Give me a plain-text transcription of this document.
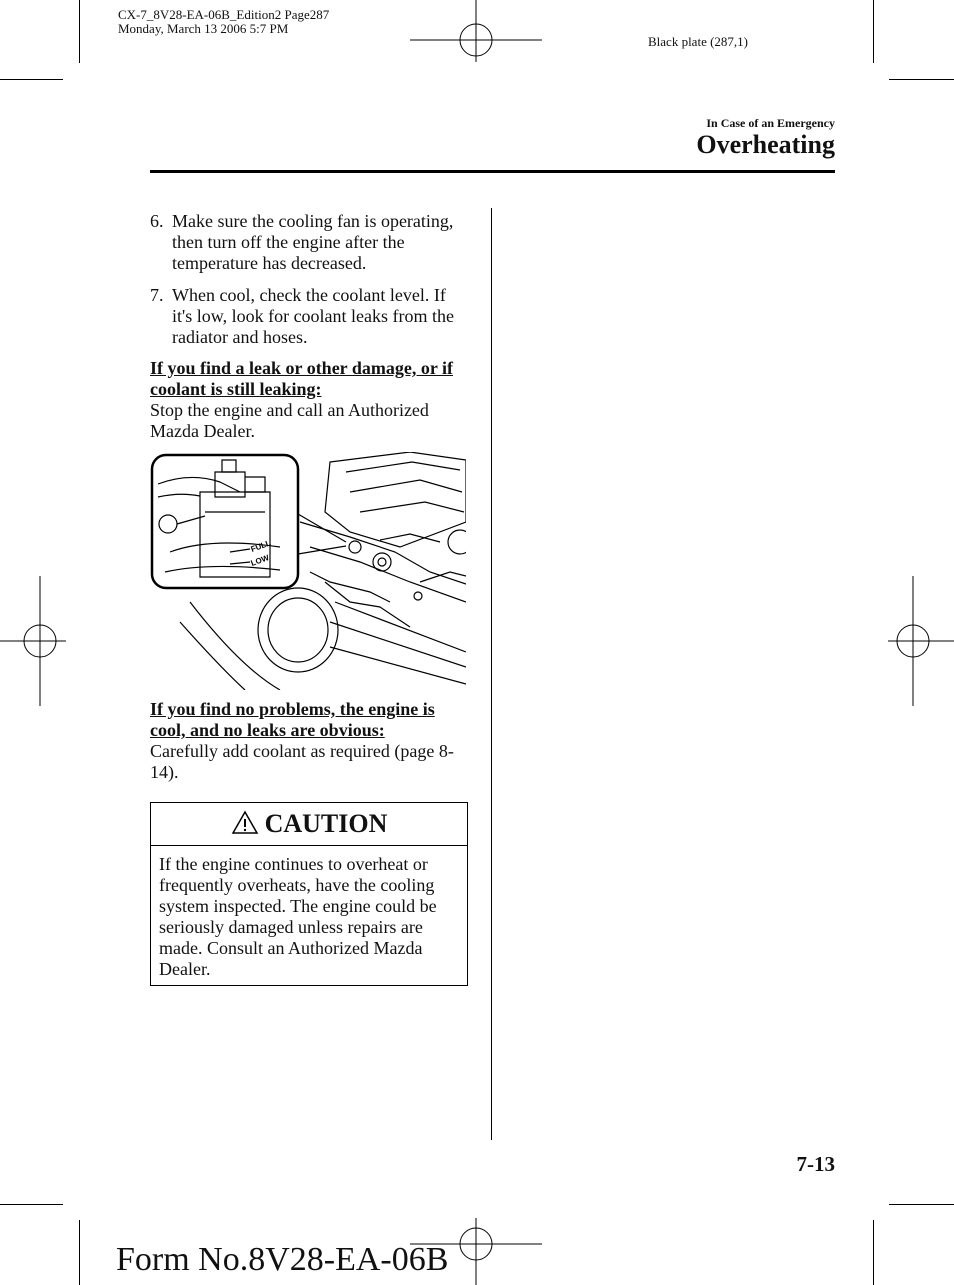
CX-7_8V28-EA-06B_Edition2 Page287
Monday, March 13 2006 5:7 PM
Black plate (287,1)
In Case of an Emergency
Overheating
6. Make sure the cooling fan is operating, then turn off the engine after the temperature has decreased.
7. When cool, check the coolant level. If it's low, look for coolant leaks from the radiator and hoses.
If you find a leak or other damage, or if coolant is still leaking:
Stop the engine and call an Authorized Mazda Dealer.
FULL
LOW
If you find no problems, the engine is cool, and no leaks are obvious:
Carefully add coolant as required (page 8-14).
CAUTION
If the engine continues to overheat or frequently overheats, have the cooling system inspected. The engine could be seriously damaged unless repairs are made. Consult an Authorized Mazda Dealer.
7-13
Form No.8V28-EA-06B
